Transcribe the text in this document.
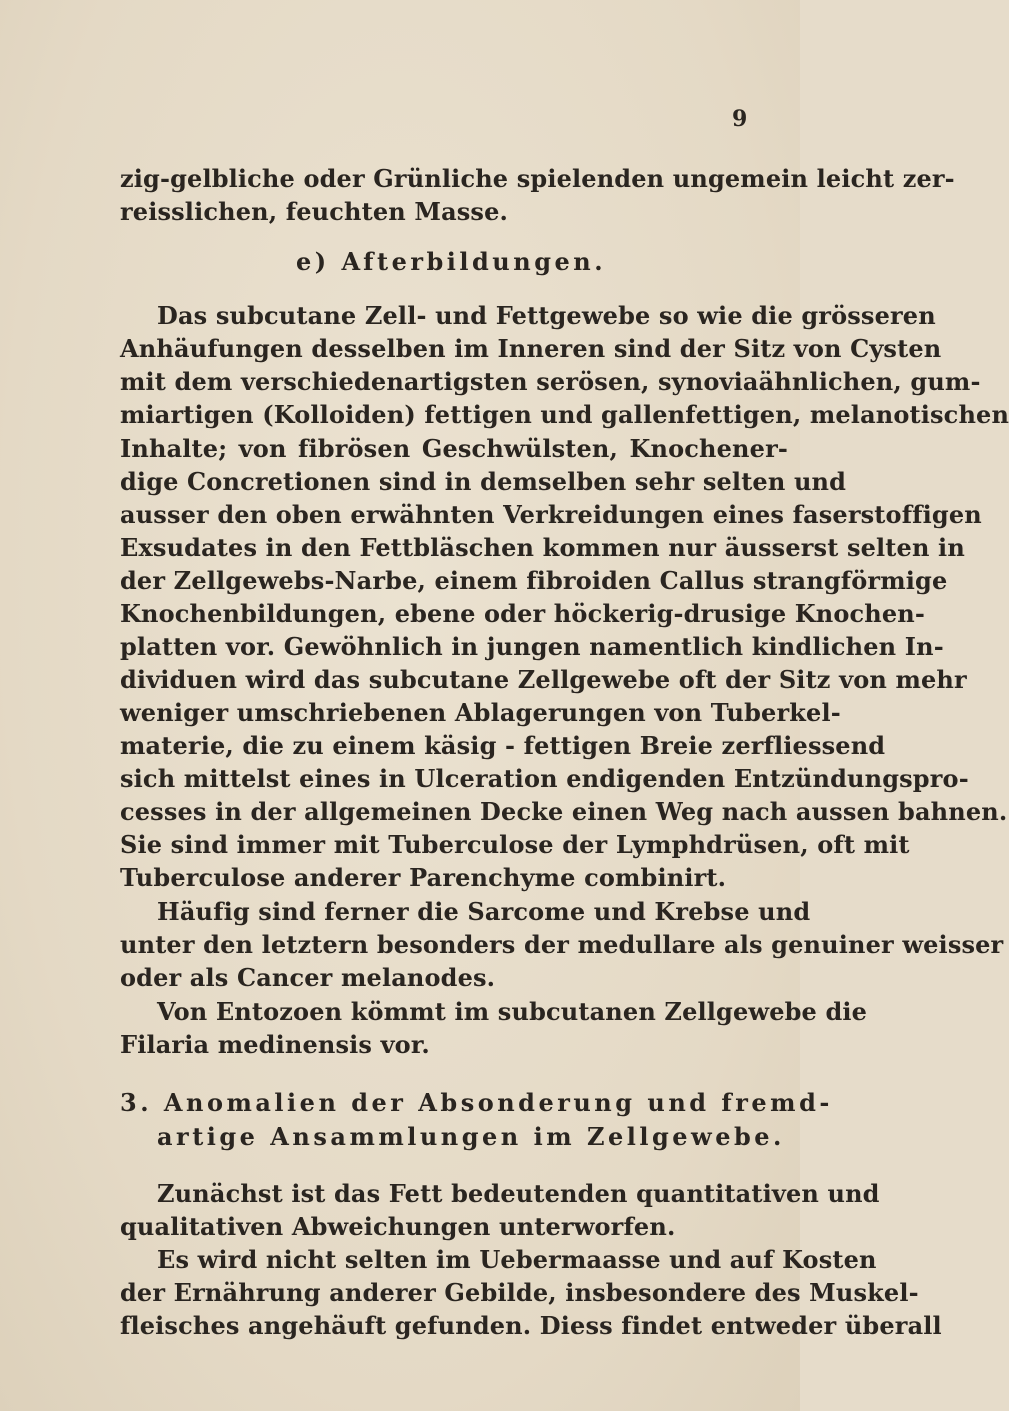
9
zig-gelbliche oder Grünliche spielenden ungemein leicht zer-
reisslichen, feuchten Masse.
e) Afterbildungen.
Das subcutane Zell- und Fettgewebe so wie die grösseren
Anhäufungen desselben im Inneren sind der Sitz von Cysten
mit dem verschiedenartigsten serösen, synoviaähnlichen, gum-
miartigen (Kolloiden) fettigen und gallenfettigen, melanotischen
Inhalte; von fibrösen Geschwülsten, Knochener-
dige Concretionen sind in demselben sehr selten und
ausser den oben erwähnten Verkreidungen eines faserstoffigen
Exsudates in den Fettbläschen kommen nur äusserst selten in
der Zellgewebs-Narbe, einem fibroiden Callus strangförmige
Knochenbildungen, ebene oder höckerig-drusige Knochen-
platten vor. Gewöhnlich in jungen namentlich kindlichen In-
dividuen wird das subcutane Zellgewebe oft der Sitz von mehr
weniger umschriebenen Ablagerungen von Tuberkel-
materie, die zu einem käsig - fettigen Breie zerfliessend
sich mittelst eines in Ulceration endigenden Entzündungspro-
cesses in der allgemeinen Decke einen Weg nach aussen bahnen.
Sie sind immer mit Tuberculose der Lymphdrüsen, oft mit
Tuberculose anderer Parenchyme combinirt.
Häufig sind ferner die Sarcome und Krebse und
unter den letztern besonders der medullare als genuiner weisser
oder als Cancer melanodes.
Von Entozoen kömmt im subcutanen Zellgewebe die
Filaria medinensis vor.
3. Anomalien der Absonderung und fremd-
artige Ansammlungen im Zellgewebe.
Zunächst ist das Fett bedeutenden quantitativen und
qualitativen Abweichungen unterworfen.
Es wird nicht selten im Uebermaasse und auf Kosten
der Ernährung anderer Gebilde, insbesondere des Muskel-
fleisches angehäuft gefunden. Diess findet entweder überall
